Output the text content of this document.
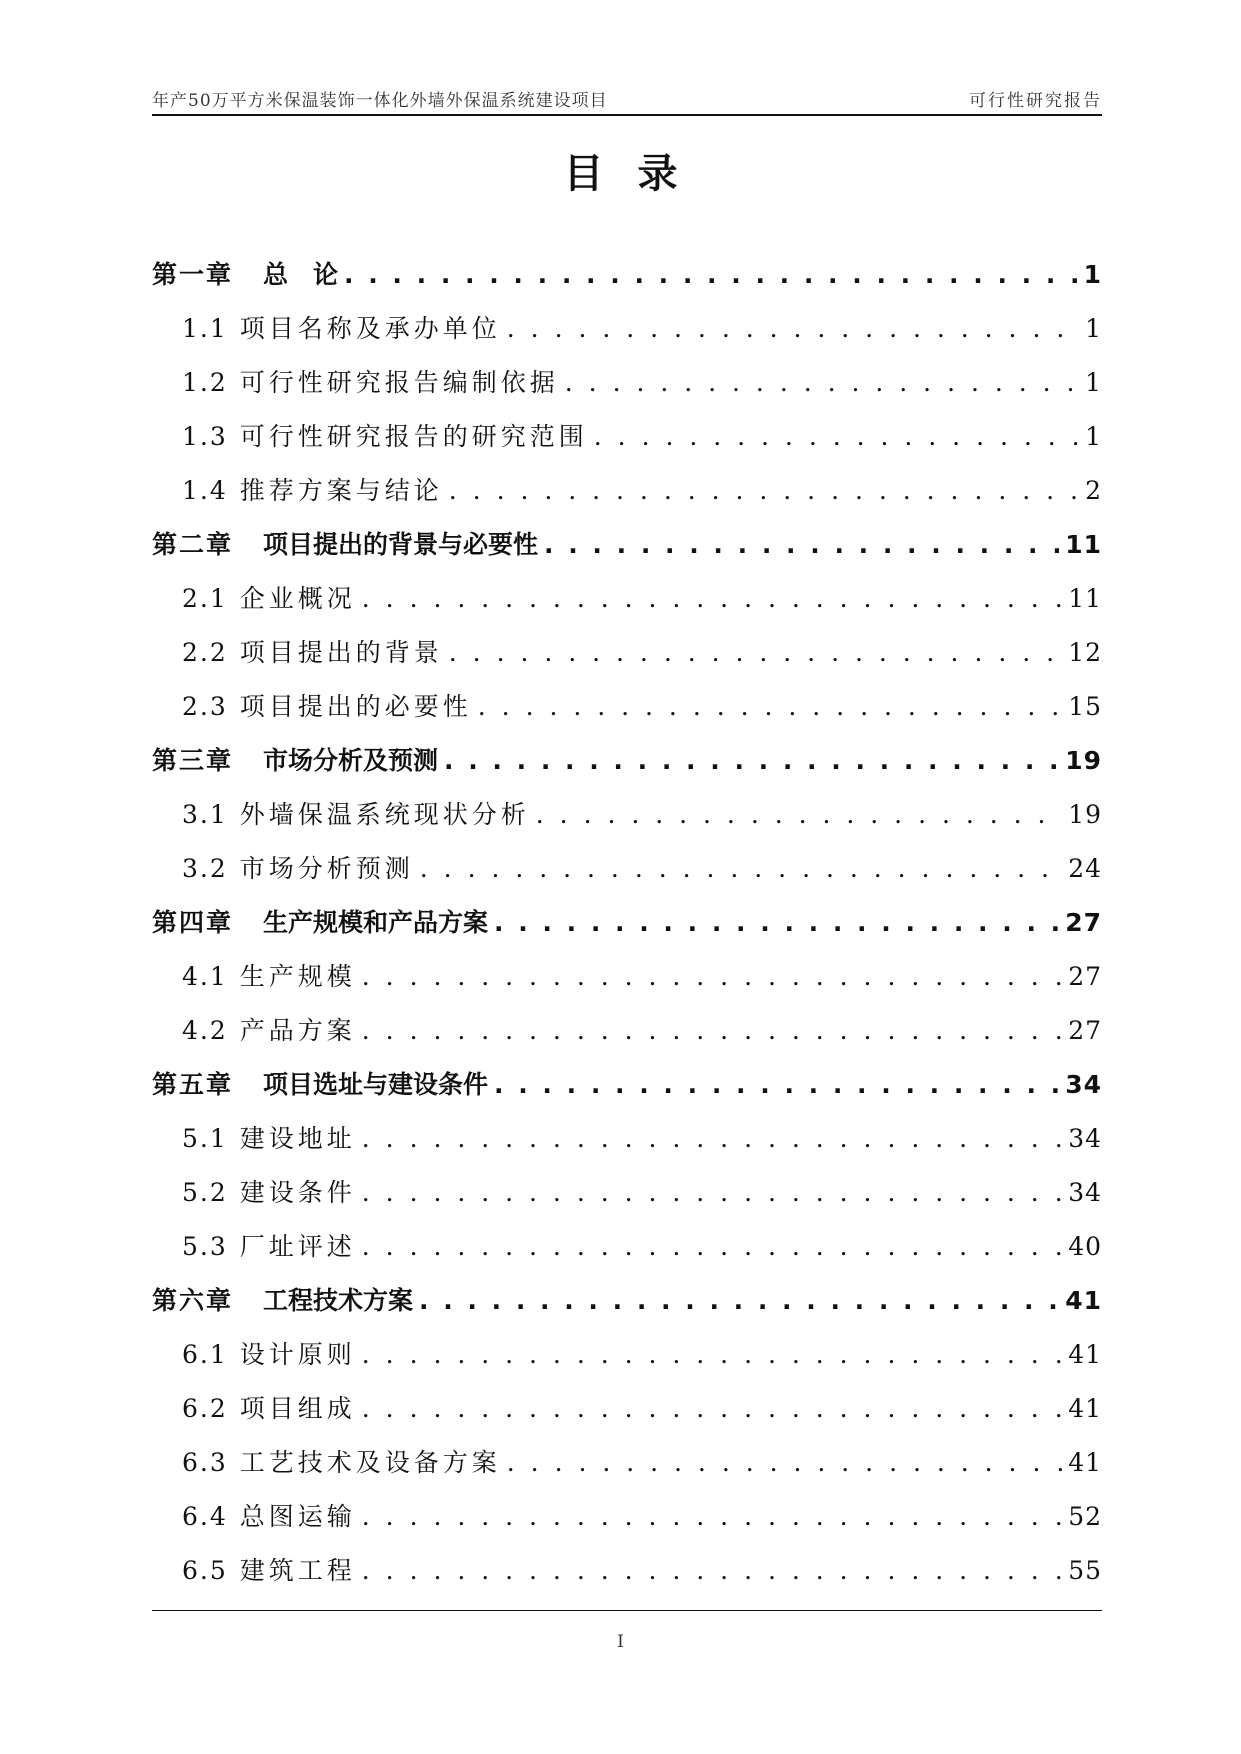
年产50万平方米保温装饰一体化外墙外保温系统建设项目	可行性研究报告
目录
第一章 总　论 . . .	1
1.1 项目名称及承办单位 . . .	1
1.2 可行性研究报告编制依据 . . .	1
1.3 可行性研究报告的研究范围 . . .	1
1.4 推荐方案与结论 . . .	2
第二章 项目提出的背景与必要性 . . .	11
2.1 企业概况 . . .	11
2.2 项目提出的背景 . . .	12
2.3 项目提出的必要性 . . .	15
第三章 市场分析及预测 . . .	19
3.1 外墙保温系统现状分析 . . .	19
3.2 市场分析预测 . . .	24
第四章 生产规模和产品方案 . . .	27
4.1 生产规模 . . .	27
4.2 产品方案 . . .	27
第五章 项目选址与建设条件 . . .	34
5.1 建设地址 . . .	34
5.2 建设条件 . . .	34
5.3 厂址评述 . . .	40
第六章 工程技术方案 . . .	41
6.1 设计原则 . . .	41
6.2 项目组成 . . .	41
6.3 工艺技术及设备方案 . . .	41
6.4 总图运输 . . .	52
6.5 建筑工程 . . .	55
I
